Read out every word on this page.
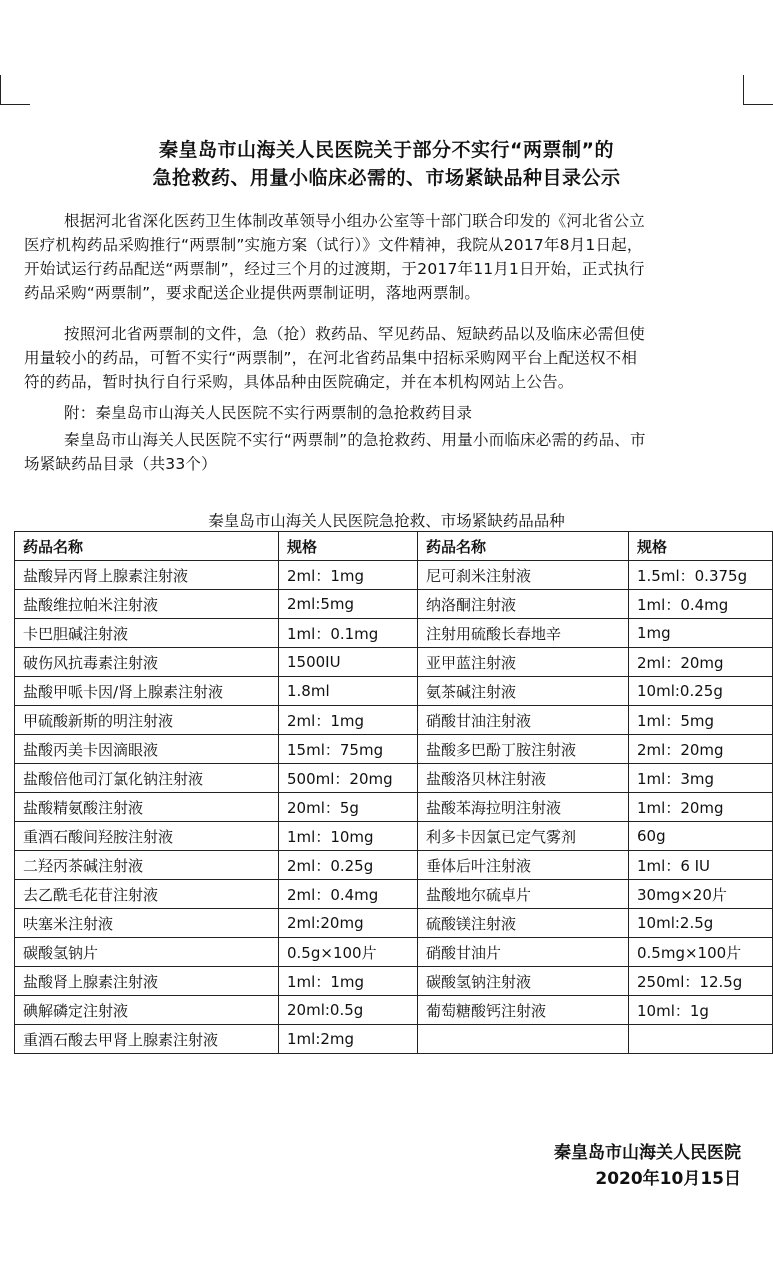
秦皇岛市山海关人民医院关于部分不实行“两票制”的
急抢救药、用量小临床必需的、市场紧缺品种目录公示

根据河北省深化医药卫生体制改革领导小组办公室等十部门联合印发的《河北省公立

医疗机构药品采购推行“两票制”实施方案（试行）》文件精神，我院从2017年8月1日起，

开始试运行药品配送“两票制”，经过三个月的过渡期，于2017年11月1日开始，正式执行

药品采购“两票制”，要求配送企业提供两票制证明，落地两票制。

按照河北省两票制的文件，急（抢）救药品、罕见药品、短缺药品以及临床必需但使

用量较小的药品，可暂不实行“两票制”，在河北省药品集中招标采购网平台上配送权不相

符的药品，暂时执行自行采购，具体品种由医院确定，并在本机构网站上公告。

附：秦皇岛市山海关人民医院不实行两票制的急抢救药目录

秦皇岛市山海关人民医院不实行“两票制”的急抢救药、用量小而临床必需的药品、市

场紧缺药品目录（共33个）

秦皇岛市山海关人民医院急抢救、市场紧缺药品品种
药品名称	规格	药品名称	规格
盐酸异丙肾上腺素注射液	2ml：1mg	尼可刹米注射液	1.5ml：0.375g
盐酸维拉帕米注射液	2ml:5mg	纳洛酮注射液	1ml：0.4mg
卡巴胆碱注射液	1ml：0.1mg	注射用硫酸长春地辛	1mg
破伤风抗毒素注射液	1500IU	亚甲蓝注射液	2ml：20mg
盐酸甲哌卡因/肾上腺素注射液	1.8ml	氨茶碱注射液	10ml:0.25g
甲硫酸新斯的明注射液	2ml：1mg	硝酸甘油注射液	1ml：5mg
盐酸丙美卡因滴眼液	15ml：75mg	盐酸多巴酚丁胺注射液	2ml：20mg
盐酸倍他司汀氯化钠注射液	500ml：20mg	盐酸洛贝林注射液	1ml：3mg
盐酸精氨酸注射液	20ml：5g	盐酸苯海拉明注射液	1ml：20mg
重酒石酸间羟胺注射液	1ml：10mg	利多卡因氯已定气雾剂	60g
二羟丙茶碱注射液	2ml：0.25g	垂体后叶注射液	1ml：6 IU
去乙酰毛花苷注射液	2ml：0.4mg	盐酸地尔硫卓片	30mg×20片
呋塞米注射液	2ml:20mg	硫酸镁注射液	10ml:2.5g
碳酸氢钠片	0.5g×100片	硝酸甘油片	0.5mg×100片
盐酸肾上腺素注射液	1ml：1mg	碳酸氢钠注射液	250ml：12.5g
碘解磷定注射液	20ml:0.5g	葡萄糖酸钙注射液	10ml：1g
重酒石酸去甲肾上腺素注射液	1ml:2mg		
秦皇岛市山海关人民医院
2020年10月15日
